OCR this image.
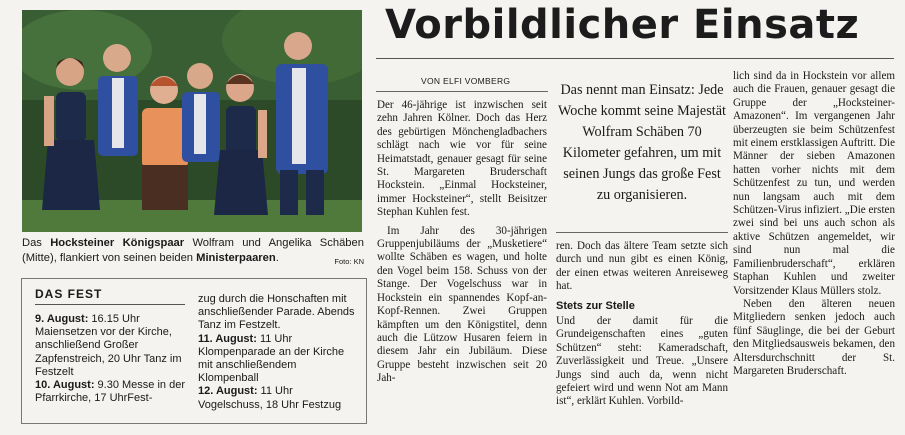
Das Hocksteiner Königspaar Wolfram und Angelika Schäben (Mitte), flankiert von seinen beiden Ministerpaaren.	Foto: KN
DAS FEST
9. August: 16.15 Uhr Maiensetzen vor der Kirche, anschließend Großer Zapfenstreich, 20 Uhr Tanz im Festzelt
10. August: 9.30 Messe in der Pfarrkirche, 17 UhrFest-
zug durch die Honschaften mit anschließender Parade. Abends Tanz im Festzelt.
11. August: 11 Uhr Klompenparade an der Kirche mit anschließendem Klompenball
12. August: 11 Uhr Vogelschuss, 18 Uhr Festzug
Vorbildlicher Einsatz
VON ELFI VOMBERG

Der 46-jährige ist inzwischen seit zehn Jahren Kölner. Doch das Herz des gebürtigen Mönchengladbachers schlägt nach wie vor für seine Heimatstadt, genauer gesagt für seine St. Margareten Bruderschaft Hockstein. „Einmal Hocksteiner, immer Hocksteiner“, stellt Beisitzer Stephan Kuhlen fest.

Im Jahr des 30-jährigen Gruppenjubiläums der „Musketiere“ wollte Schäben es wagen, und holte den Vogel beim 158. Schuss von der Stange. Der Vogelschuss war in Hockstein ein spannendes Kopf-an-Kopf-Rennen. Zwei Gruppen kämpften um den Königstitel, denn auch die Lützow Husaren feiern in diesem Jahr ein Jubiläum. Diese Gruppe besteht inzwischen seit 20 Jah-

Das nennt man Einsatz: Jede Woche kommt seine Majestät Wolfram Schäben 70 Kilometer gefahren, um mit seinen Jungs das große Fest zu organisieren.

ren. Doch das ältere Team setzte sich durch und nun gibt es einen König, der einen etwas weiteren Anreiseweg hat.

Stets zur Stelle

Und der damit für die Grundeigenschaften eines „guten Schützen“ steht: Kameradschaft, Zuverlässigkeit und Treue. „Unsere Jungs sind auch da, wenn nicht gefeiert wird und wenn Not am Mann ist“, erklärt Kuhlen. Vorbild-

lich sind da in Hockstein vor allem auch die Frauen, genauer gesagt die Gruppe der „Hocksteiner-Amazonen“. Im vergangenen Jahr überzeugten sie beim Schützenfest mit einem erstklassigen Auftritt. Die Männer der sieben Amazonen hatten vorher nichts mit dem Schützenfest zu tun, und werden nun langsam auch mit dem Schützen-Virus infiziert. „Die ersten zwei sind bei uns auch schon als aktive Schützen angemeldet, wir sind nun mal die Familienbruderschaft“, erklären Staphan Kuhlen und zweiter Vorsitzender Klaus Müllers stolz.

Neben den älteren neuen Mitgliedern senken jedoch auch fünf Säuglinge, die bei der Geburt den Mitgliedsausweis bekamen, den Altersdurchschnitt der St. Margareten Bruderschaft.
